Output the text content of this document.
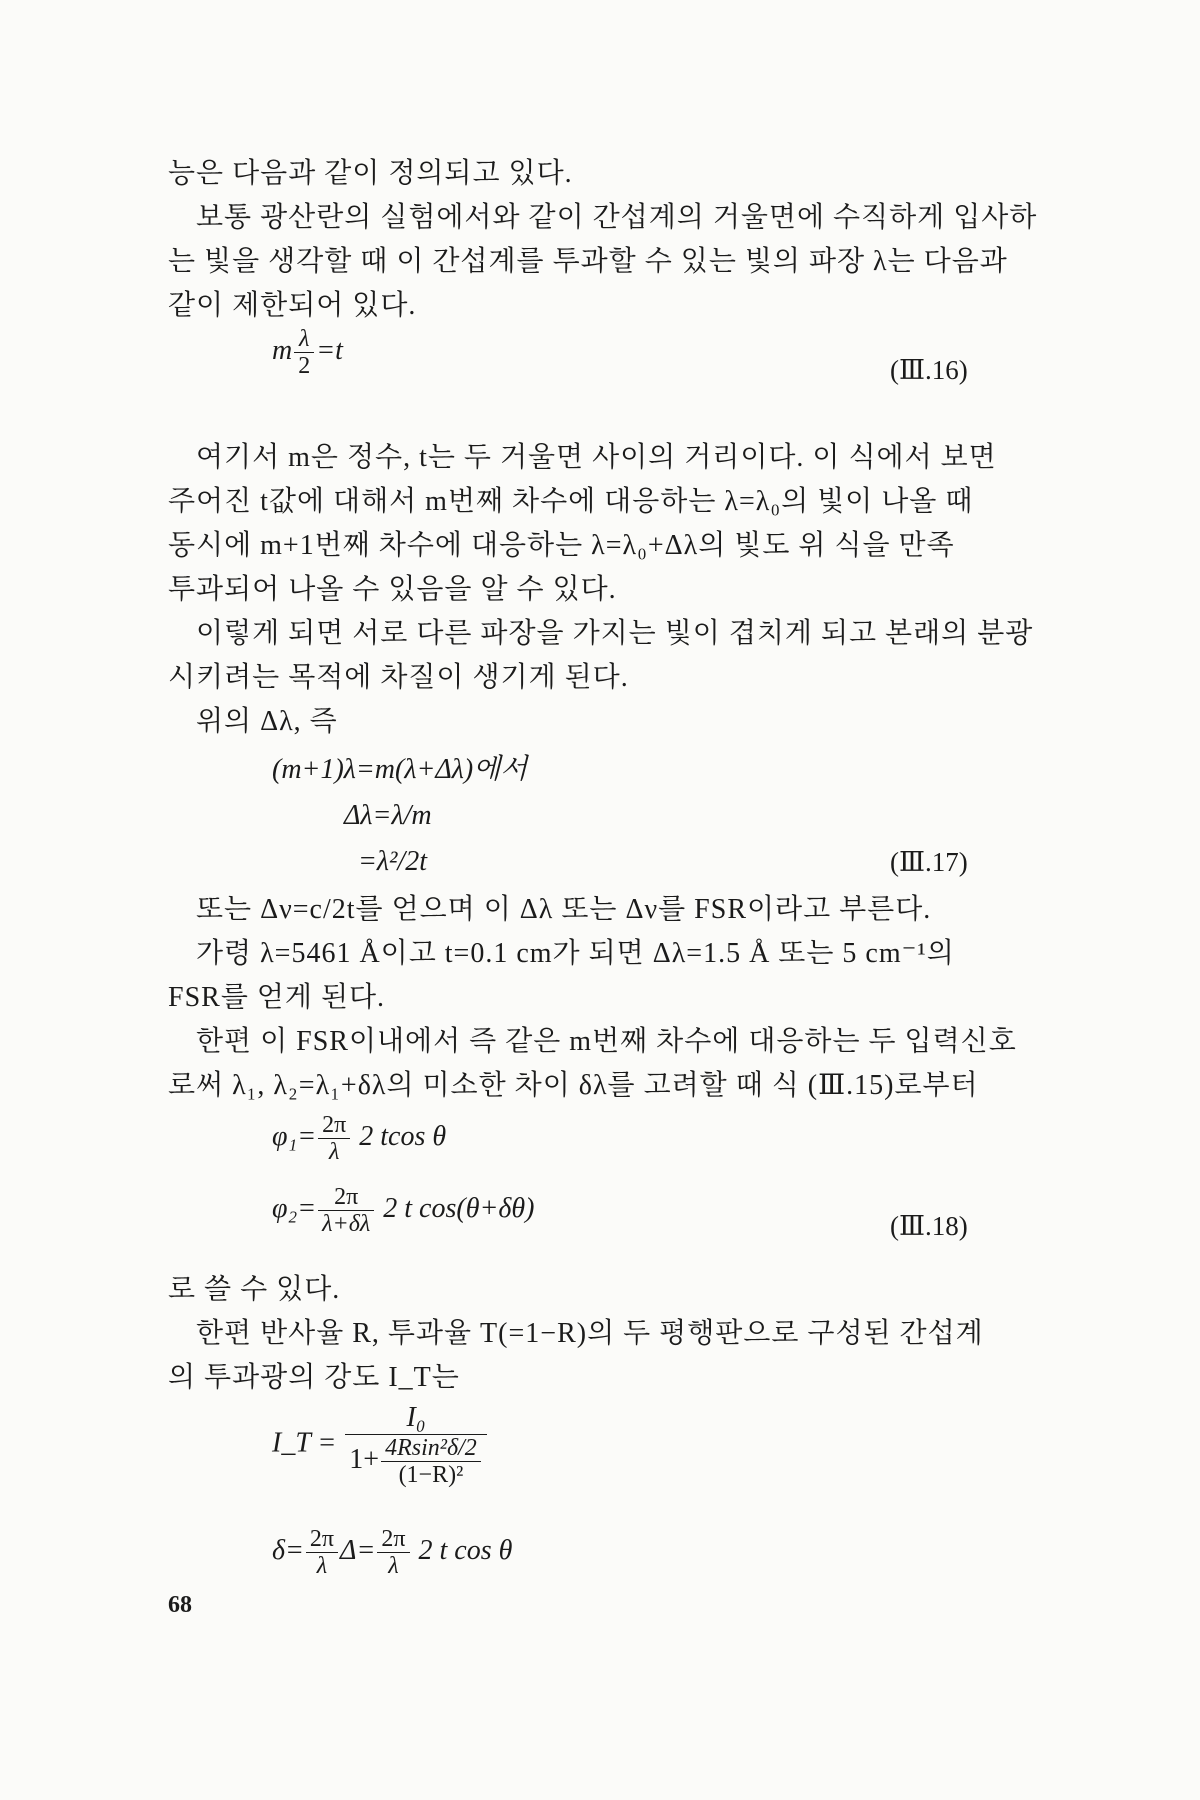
능은 다음과 같이 정의되고 있다.
보통 광산란의 실험에서와 같이 간섭계의 거울면에 수직하게 입사하
는 빛을 생각할 때 이 간섭계를 투과할 수 있는 빛의 파장 λ는 다음과
같이 제한되어 있다.
m $\frac{\lambda}{2} =t$
(Ⅲ.16)
여기서 m은 정수, t는 두 거울면 사이의 거리이다. 이 식에서 보면
주어진 t값에 대해서 m번째 차수에 대응하는 λ=λ₀의 빛이 나올 때
동시에 m+1번째 차수에 대응하는 λ=λ₀+Δλ의 빛도 위 식을 만족
투과되어 나올 수 있음을 알 수 있다.
이렇게 되면 서로 다른 파장을 가지는 빛이 겹치게 되고 본래의 분광
시키려는 목적에 차질이 생기게 된다.
위의 Δλ, 즉
(m+1)λ=m(λ+Δλ)에서
Δλ=λ/m
=λ²/2t	(Ⅲ.17)
또는 Δν=c/2t를 얻으며 이 Δλ 또는 Δν를 FSR이라고 부른다.
가령 λ=5461 Å이고 t=0.1 cm가 되면 Δλ=1.5 Å 또는 5 cm⁻¹의
FSR를 얻게 된다.
한편 이 FSR이내에서 즉 같은 m번째 차수에 대응하는 두 입력신호
로써 λ₁, λ₂=λ₁+δλ의 미소한 차이 δλ를 고려할 때 식 (Ⅲ.15)로부터
$\varphi_1= \frac{2\pi}{\lambda} 2$ tcos θ
$\varphi_2= \frac{2\pi}{\lambda+\delta\lambda} 2$ t cos(θ+δθ)
(Ⅲ.18)
로 쓸 수 있다.
한편 반사율 R, 투과율 T(=1−R)의 두 평행판으로 구성된 간섭계
의 투과광의 강도 I_T는
I_T = $\frac{\text{I₀}}{1+ \frac{\text{4Rsin²δ/2}}{\text{(1−R)²}}}$
$\delta= \frac{2\pi}{\lambda} \Delta= \frac{2\pi}{\lambda} 2$ t cos θ
68
